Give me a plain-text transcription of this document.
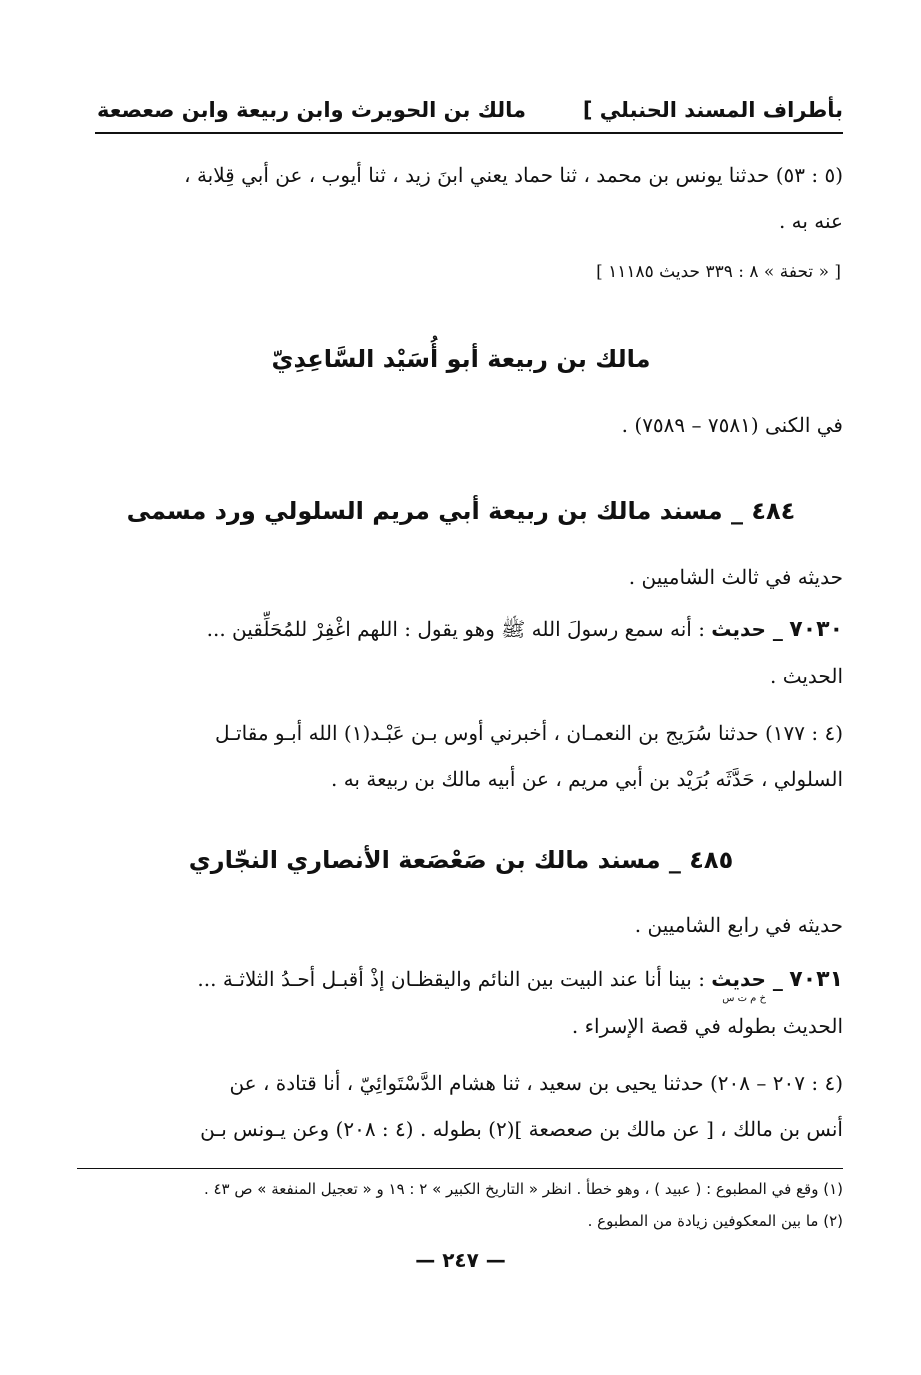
بأطراف المسند الحنبلي ]
مالك بن الحويرث وابن ربيعة وابن صعصعة
(٥ : ٥٣) حدثنا يونس بن محمد ، ثنا حماد يعني ابنَ زيد ، ثنا أيوب ، عن أبي قِلابة ،
عنه به .
[ « تحفة » ٨ : ٣٣٩ حديث ١١١٨٥ ]
مالك بن ربيعة أبو أُسَيْد السَّاعِدِيّ
في الكنى (٧٥٨١ – ٧٥٨٩) .
٤٨٤ _ مسند مالك بن ربيعة أبي مريم السلولي ورد مسمى
حديثه في ثالث الشاميين .
٧٠٣٠ _ حديث : أنه سمع رسولَ الله ﷺ وهو يقول : اللهم اغْفِرْ للمُحَلِّقين ...
الحديث .
(٤ : ١٧٧) حدثنا سُرَيج بن النعمـان ، أخبرني أوس بـن عَبْـد(١) الله أبـو مقاتـل
السلولي ، حَدَّثَه بُرَيْد بن أبي مريم ، عن أبيه مالك بن ربيعة به .
٤٨٥ _ مسند مالك بن صَعْصَعة الأنصاري النجّاري
حديثه في رابع الشاميين .
٧٠٣١ _ حديث : بينا أنا عند البيت بين النائم واليقظـان إذْ أقبـل أحـدُ الثلاثـة ...
الحديث بطوله في قصة الإسراء .
خ م ت س
(٤ : ٢٠٧ – ٢٠٨) حدثنا يحيى بن سعيد ، ثنا هشام الدَّسْتَوائِيّ ، أنا قتادة ، عن
أنس بن مالك ، [ عن مالك بن صعصعة ](٢) بطوله . (٤ : ٢٠٨) وعن يـونس بـن
(١) وقع في المطبوع : ( عبيد ) ، وهو خطأ . انظر « التاريخ الكبير » ٢ : ١٩ و « تعجيل المنفعة » ص ٤٣ .
(٢) ما بين المعكوفين زيادة من المطبوع .
— ٢٤٧ —
